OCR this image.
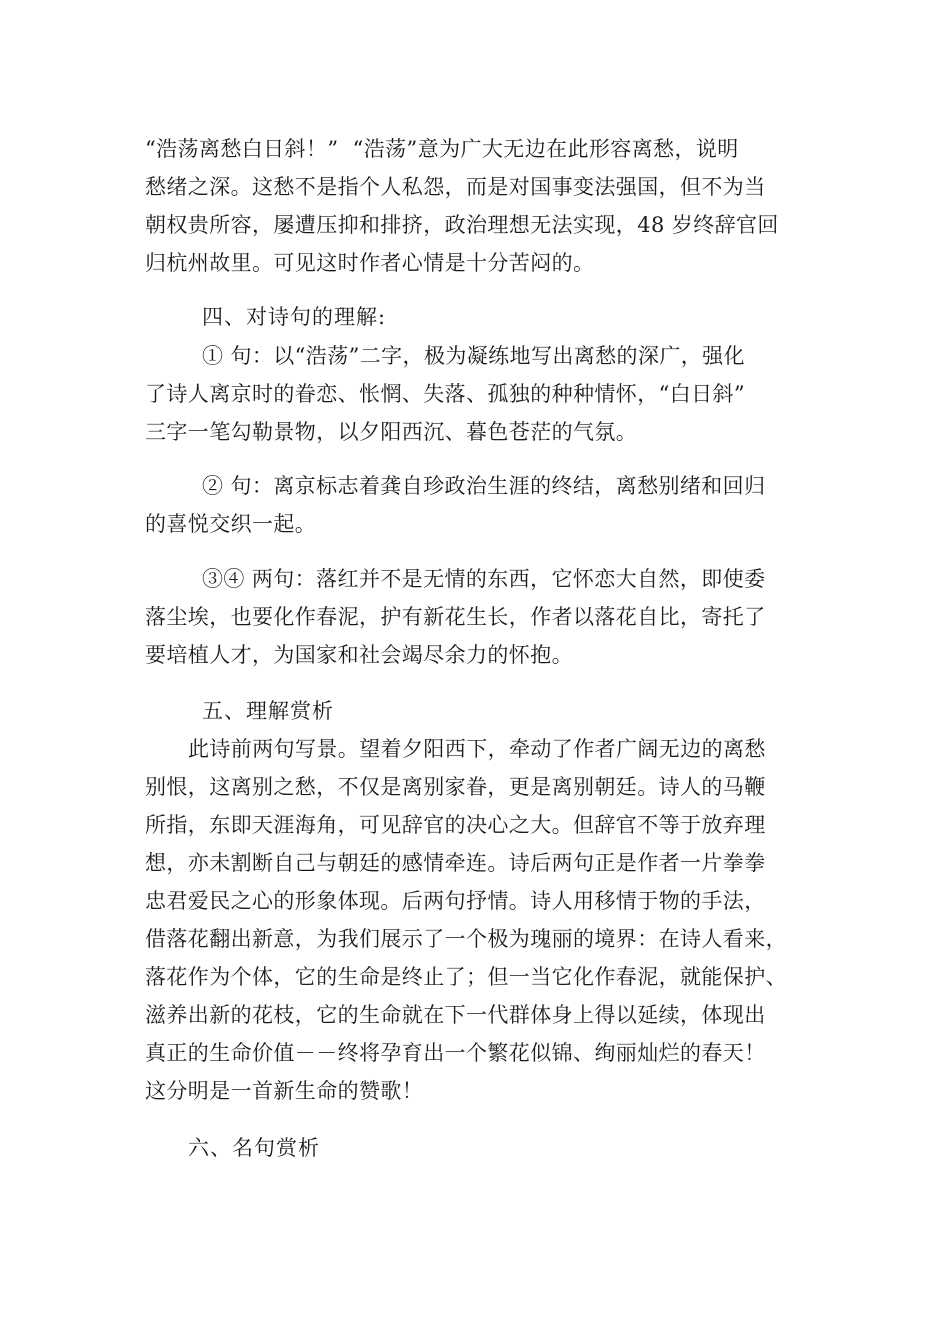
“浩荡离愁白日斜！”  “浩荡”意为广大无边在此形容离愁，说明

愁绪之深。这愁不是指个人私怨，而是对国事变法强国，但不为当

朝权贵所容，屡遭压抑和排挤，政治理想无法实现，48 岁终辞官回

归杭州故里。可见这时作者心情是十分苦闷的。

四、对诗句的理解:

① 句：以“浩荡”二字，极为凝练地写出离愁的深广，强化

了诗人离京时的眷恋、怅惘、失落、孤独的种种情怀，“白日斜”

三字一笔勾勒景物，以夕阳西沉、暮色苍茫的气氛。

② 句：离京标志着龚自珍政治生涯的终结，离愁别绪和回归

的喜悦交织一起。

③④ 两句：落红并不是无情的东西，它怀恋大自然，即使委

落尘埃，也要化作春泥，护有新花生长，作者以落花自比，寄托了

要培植人才，为国家和社会竭尽余力的怀抱。

五、理解赏析

此诗前两句写景。望着夕阳西下，牵动了作者广阔无边的离愁

别恨，这离别之愁，不仅是离别家眷，更是离别朝廷。诗人的马鞭

所指，东即天涯海角，可见辞官的决心之大。但辞官不等于放弃理

想，亦未割断自己与朝廷的感情牵连。诗后两句正是作者一片拳拳

忠君爱民之心的形象体现。后两句抒情。诗人用移情于物的手法，

借落花翻出新意，为我们展示了一个极为瑰丽的境界：在诗人看来，

落花作为个体，它的生命是终止了；但一当它化作春泥，就能保护、

滋养出新的花枝，它的生命就在下一代群体身上得以延续，体现出

真正的生命价值－－终将孕育出一个繁花似锦、绚丽灿烂的春天！

这分明是一首新生命的赞歌！

六、名句赏析
